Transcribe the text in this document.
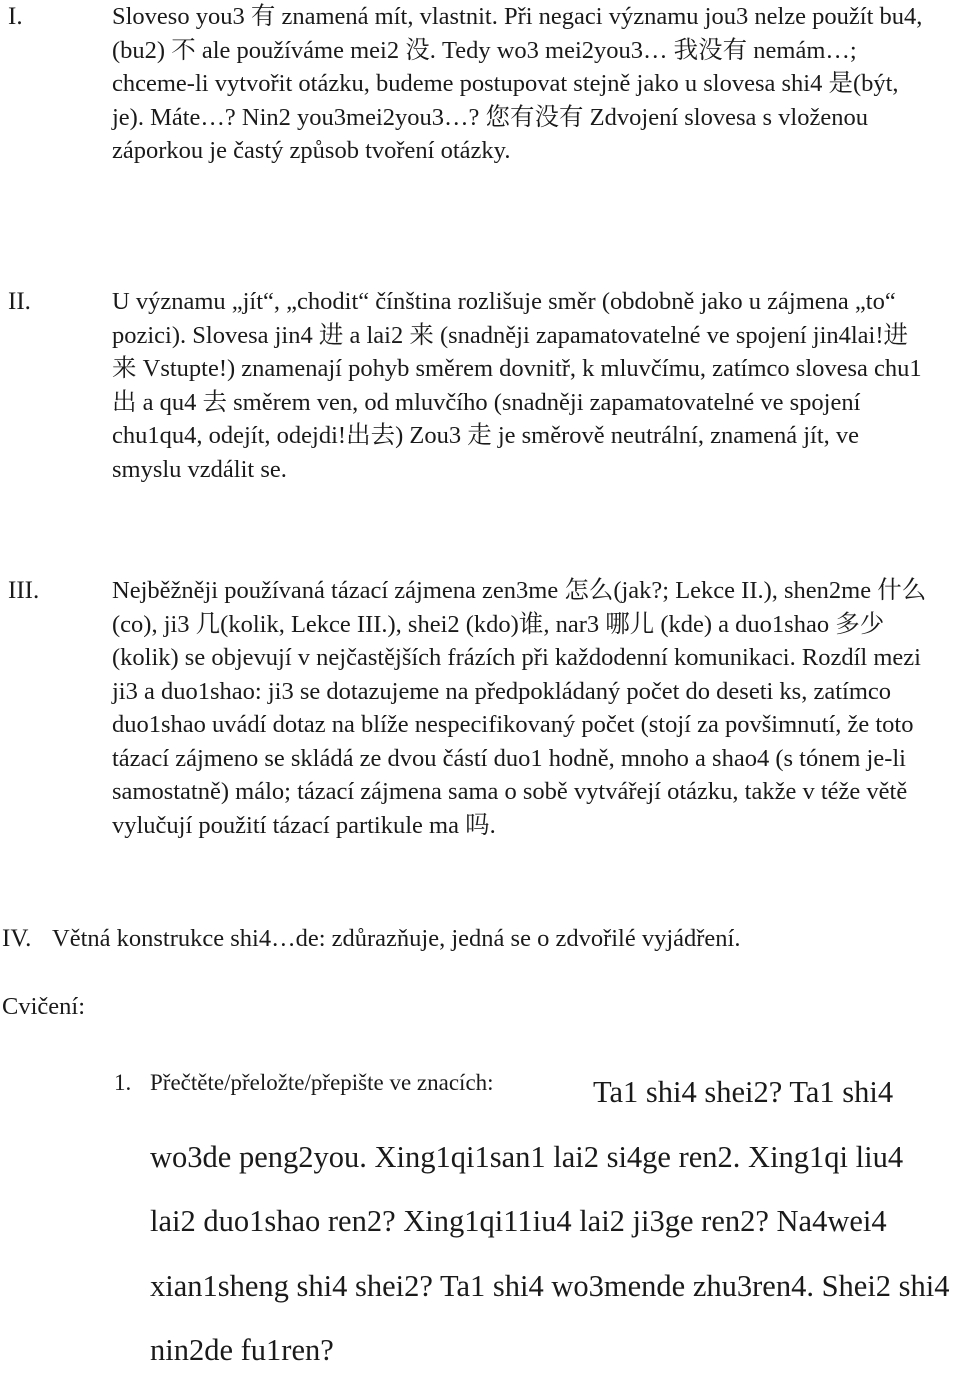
I.	Sloveso you3 有 znamená mít, vlastnit. Při negaci významu jou3 nelze použít bu4,(bu2) 不 ale používáme mei2 没. Tedy wo3 mei2you3… 我没有 nemám…; chceme-li vytvořit otázku, budeme postupovat stejně jako u slovesa shi4 是(být, je). Máte…? Nin2 you3mei2you3…? 您有没有 Zdvojení slovesa s vloženou záporkou je častý způsob tvoření otázky.

II.	U významu „jít“, „chodit“ čínština rozlišuje směr (obdobně jako u zájmena „to“ pozici). Slovesa jin4 进 a lai2 来 (snadněji zapamatovatelné ve spojení jin4lai!进来 Vstupte!) znamenají pohyb směrem dovnitř, k mluvčímu, zatímco slovesa chu1 出 a qu4 去 směrem ven, od mluvčího (snadněji zapamatovatelné ve spojení chu1qu4, odejít, odejdi!出去) Zou3 走 je směrově neutrální, znamená jít, ve smyslu vzdálit se.

III.	Nejběžněji používaná tázací zájmena zen3me 怎么(jak?; Lekce II.), shen2me 什么(co), ji3 几(kolik, Lekce III.), shei2 (kdo)谁, nar3 哪儿 (kde) a duo1shao 多少 (kolik) se objevují v nejčastějších frázích při každodenní komunikaci. Rozdíl mezi ji3 a duo1shao: ji3 se dotazujeme na předpokládaný počet do deseti ks, zatímco duo1shao uvádí dotaz na blíže nespecifikovaný počet (stojí za povšimnutí, že toto tázací zájmeno se skládá ze dvou částí duo1 hodně, mnoho a shao4 (s tónem je-li samostatně) málo; tázací zájmena sama o sobě vytvářejí otázku, takže v téže větě vylučují použití tázací partikule ma 吗.

IV. Větná konstrukce shi4…de: zdůrazňuje, jedná se o zdvořilé vyjádření.

Cvičení:
1. Přečtěte/přeložte/přepište ve znacích:	Ta1 shi4 shei2? Ta1 shi4 wo3de peng2you. Xing1qi1san1 lai2 si4ge ren2. Xing1qi liu4 lai2 duo1shao ren2? Xing1qi11iu4 lai2 ji3ge ren2? Na4wei4 xian1sheng shi4 shei2? Ta1 shi4 wo3mende zhu3ren4. Shei2 shi4 nin2de fu1ren?
